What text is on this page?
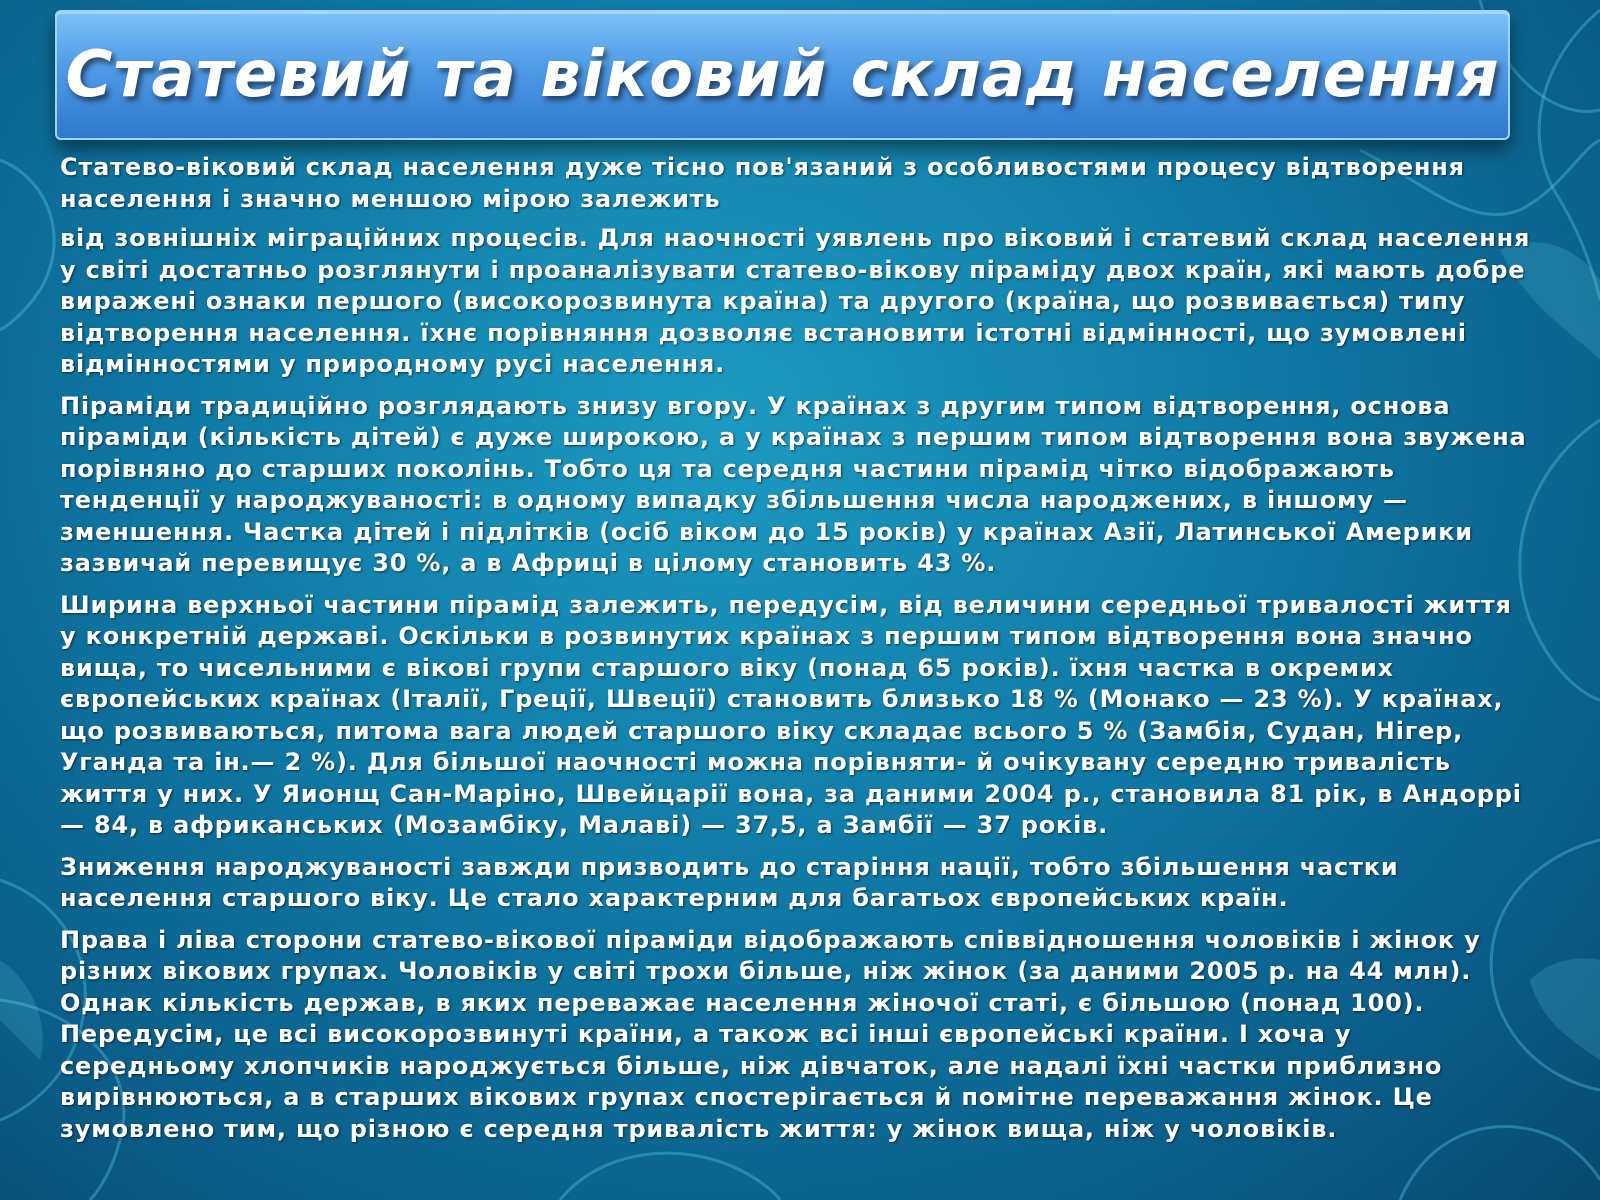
Статевий та віковий склад населення

Статево-віковий склад населення дуже тісно пов'язаний з особливостями процесу відтворення населення і значно меншою мірою залежить

від зовнішніх міграційних процесів. Для наочності уявлень про віковий і статевий склад населення у світі достатньо розглянути і проаналізувати статево-вікову піраміду двох країн, які мають добре виражені ознаки першого (високорозвинута країна) та другого (країна, що розвивається) типу відтворення населення. їхнє порівняння дозволяє встановити істотні відмінності, що зумовлені відмінностями у природному русі населення.

Піраміди традиційно розглядають знизу вгору. У країнах з другим типом відтворення, основа піраміди (кількість дітей) є дуже широкою, а у країнах з першим типом відтворення вона звужена порівняно до старших поколінь. Тобто ця та середня частини пірамід чітко відображають тенденції у народжуваності: в одному випадку збільшення числа народжених, в іншому — зменшення. Частка дітей і підлітків (осіб віком до 15 років) у країнах Азії, Латинської Америки зазвичай перевищує 30 %, а в Африці в цілому становить 43 %.

Ширина верхньої частини пірамід залежить, передусім, від величини середньої тривалості життя у конкретній державі. Оскільки в розвинутих країнах з першим типом відтворення вона значно вища, то чисельними є вікові групи старшого віку (понад 65 років). їхня частка в окремих європейських країнах (Італії, Греції, Швеції) становить близько 18 % (Монако — 23 %). У країнах, що розвиваються, питома вага людей старшого віку складає всього 5 % (Замбія, Судан, Нігер, Уганда та ін.— 2 %). Для більшої наочності можна порівняти- й очікувану середню тривалість життя у них. У Яионщ Сан-Маріно, Швейцарії вона, за даними 2004 р., становила 81 рік, в Андоррі — 84, в африканських (Мозамбіку, Малаві) — 37,5, а Замбії — 37 років.

Зниження народжуваності завжди призводить до старіння нації, тобто збільшення частки населення старшого віку. Це стало характерним для багатьох європейських країн.

Права і ліва сторони статево-вікової піраміди відображають співвідношення чоловіків і жінок у різних вікових групах. Чоловіків у світі трохи більше, ніж жінок (за даними 2005 р. на 44 млн). Однак кількість держав, в яких переважає населення жіночої статі, є більшою (понад 100). Передусім, це всі високорозвинуті країни, а також всі інші європейські країни. І хоча у середньому хлопчиків народжується більше, ніж дівчаток, але надалі їхні частки приблизно вирівнюються, а в старших вікових групах спостерігається й помітне переважання жінок. Це зумовлено тим, що різною є середня тривалість життя: у жінок вища, ніж у чоловіків.
